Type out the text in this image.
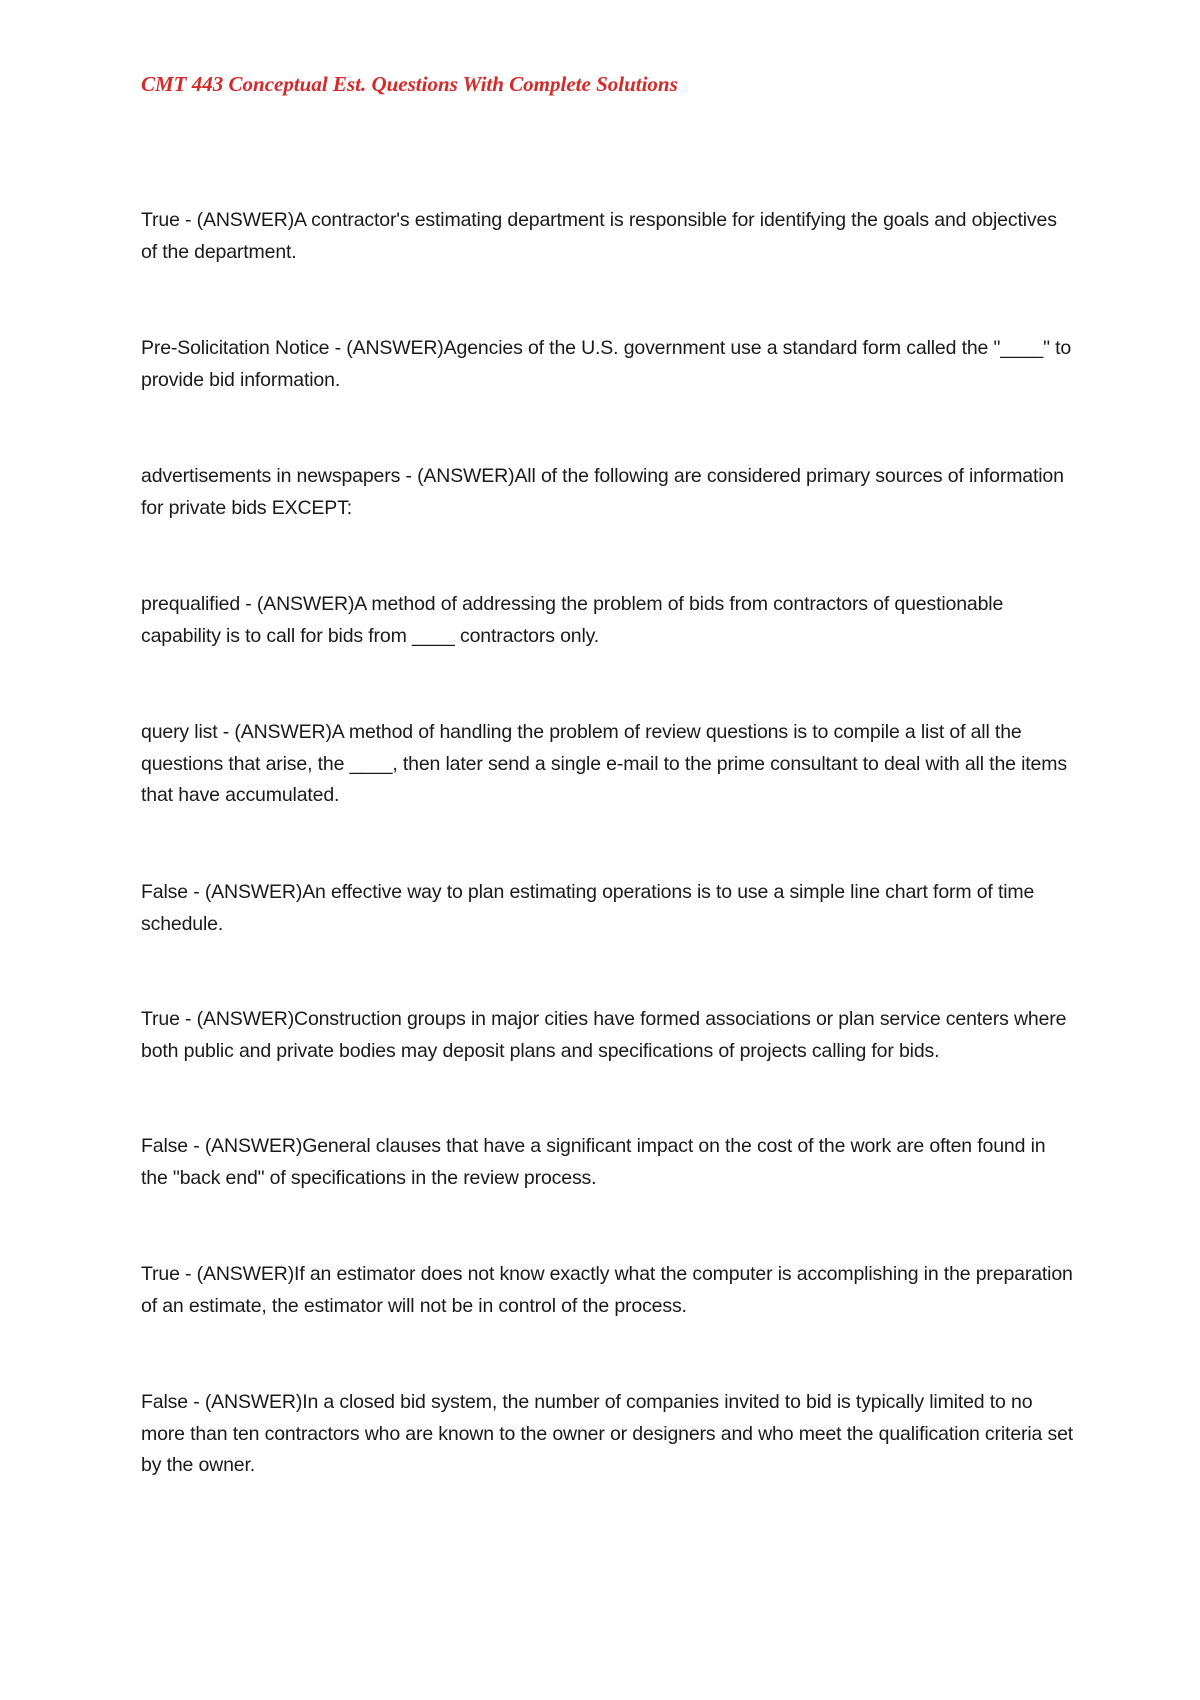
CMT 443 Conceptual Est. Questions With Complete Solutions
True - (ANSWER)A contractor's estimating department is responsible for identifying the goals and objectives of the department.
Pre-Solicitation Notice - (ANSWER)Agencies of the U.S. government use a standard form called the "____" to provide bid information.
advertisements in newspapers - (ANSWER)All of the following are considered primary sources of information for private bids EXCEPT:
prequalified - (ANSWER)A method of addressing the problem of bids from contractors of questionable capability is to call for bids from ____ contractors only.
query list - (ANSWER)A method of handling the problem of review questions is to compile a list of all the questions that arise, the ____, then later send a single e-mail to the prime consultant to deal with all the items that have accumulated.
False - (ANSWER)An effective way to plan estimating operations is to use a simple line chart form of time schedule.
True - (ANSWER)Construction groups in major cities have formed associations or plan service centers where both public and private bodies may deposit plans and specifications of projects calling for bids.
False - (ANSWER)General clauses that have a significant impact on the cost of the work are often found in the "back end" of specifications in the review process.
True - (ANSWER)If an estimator does not know exactly what the computer is accomplishing in the preparation of an estimate, the estimator will not be in control of the process.
False - (ANSWER)In a closed bid system, the number of companies invited to bid is typically limited to no more than ten contractors who are known to the owner or designers and who meet the qualification criteria set by the owner.
